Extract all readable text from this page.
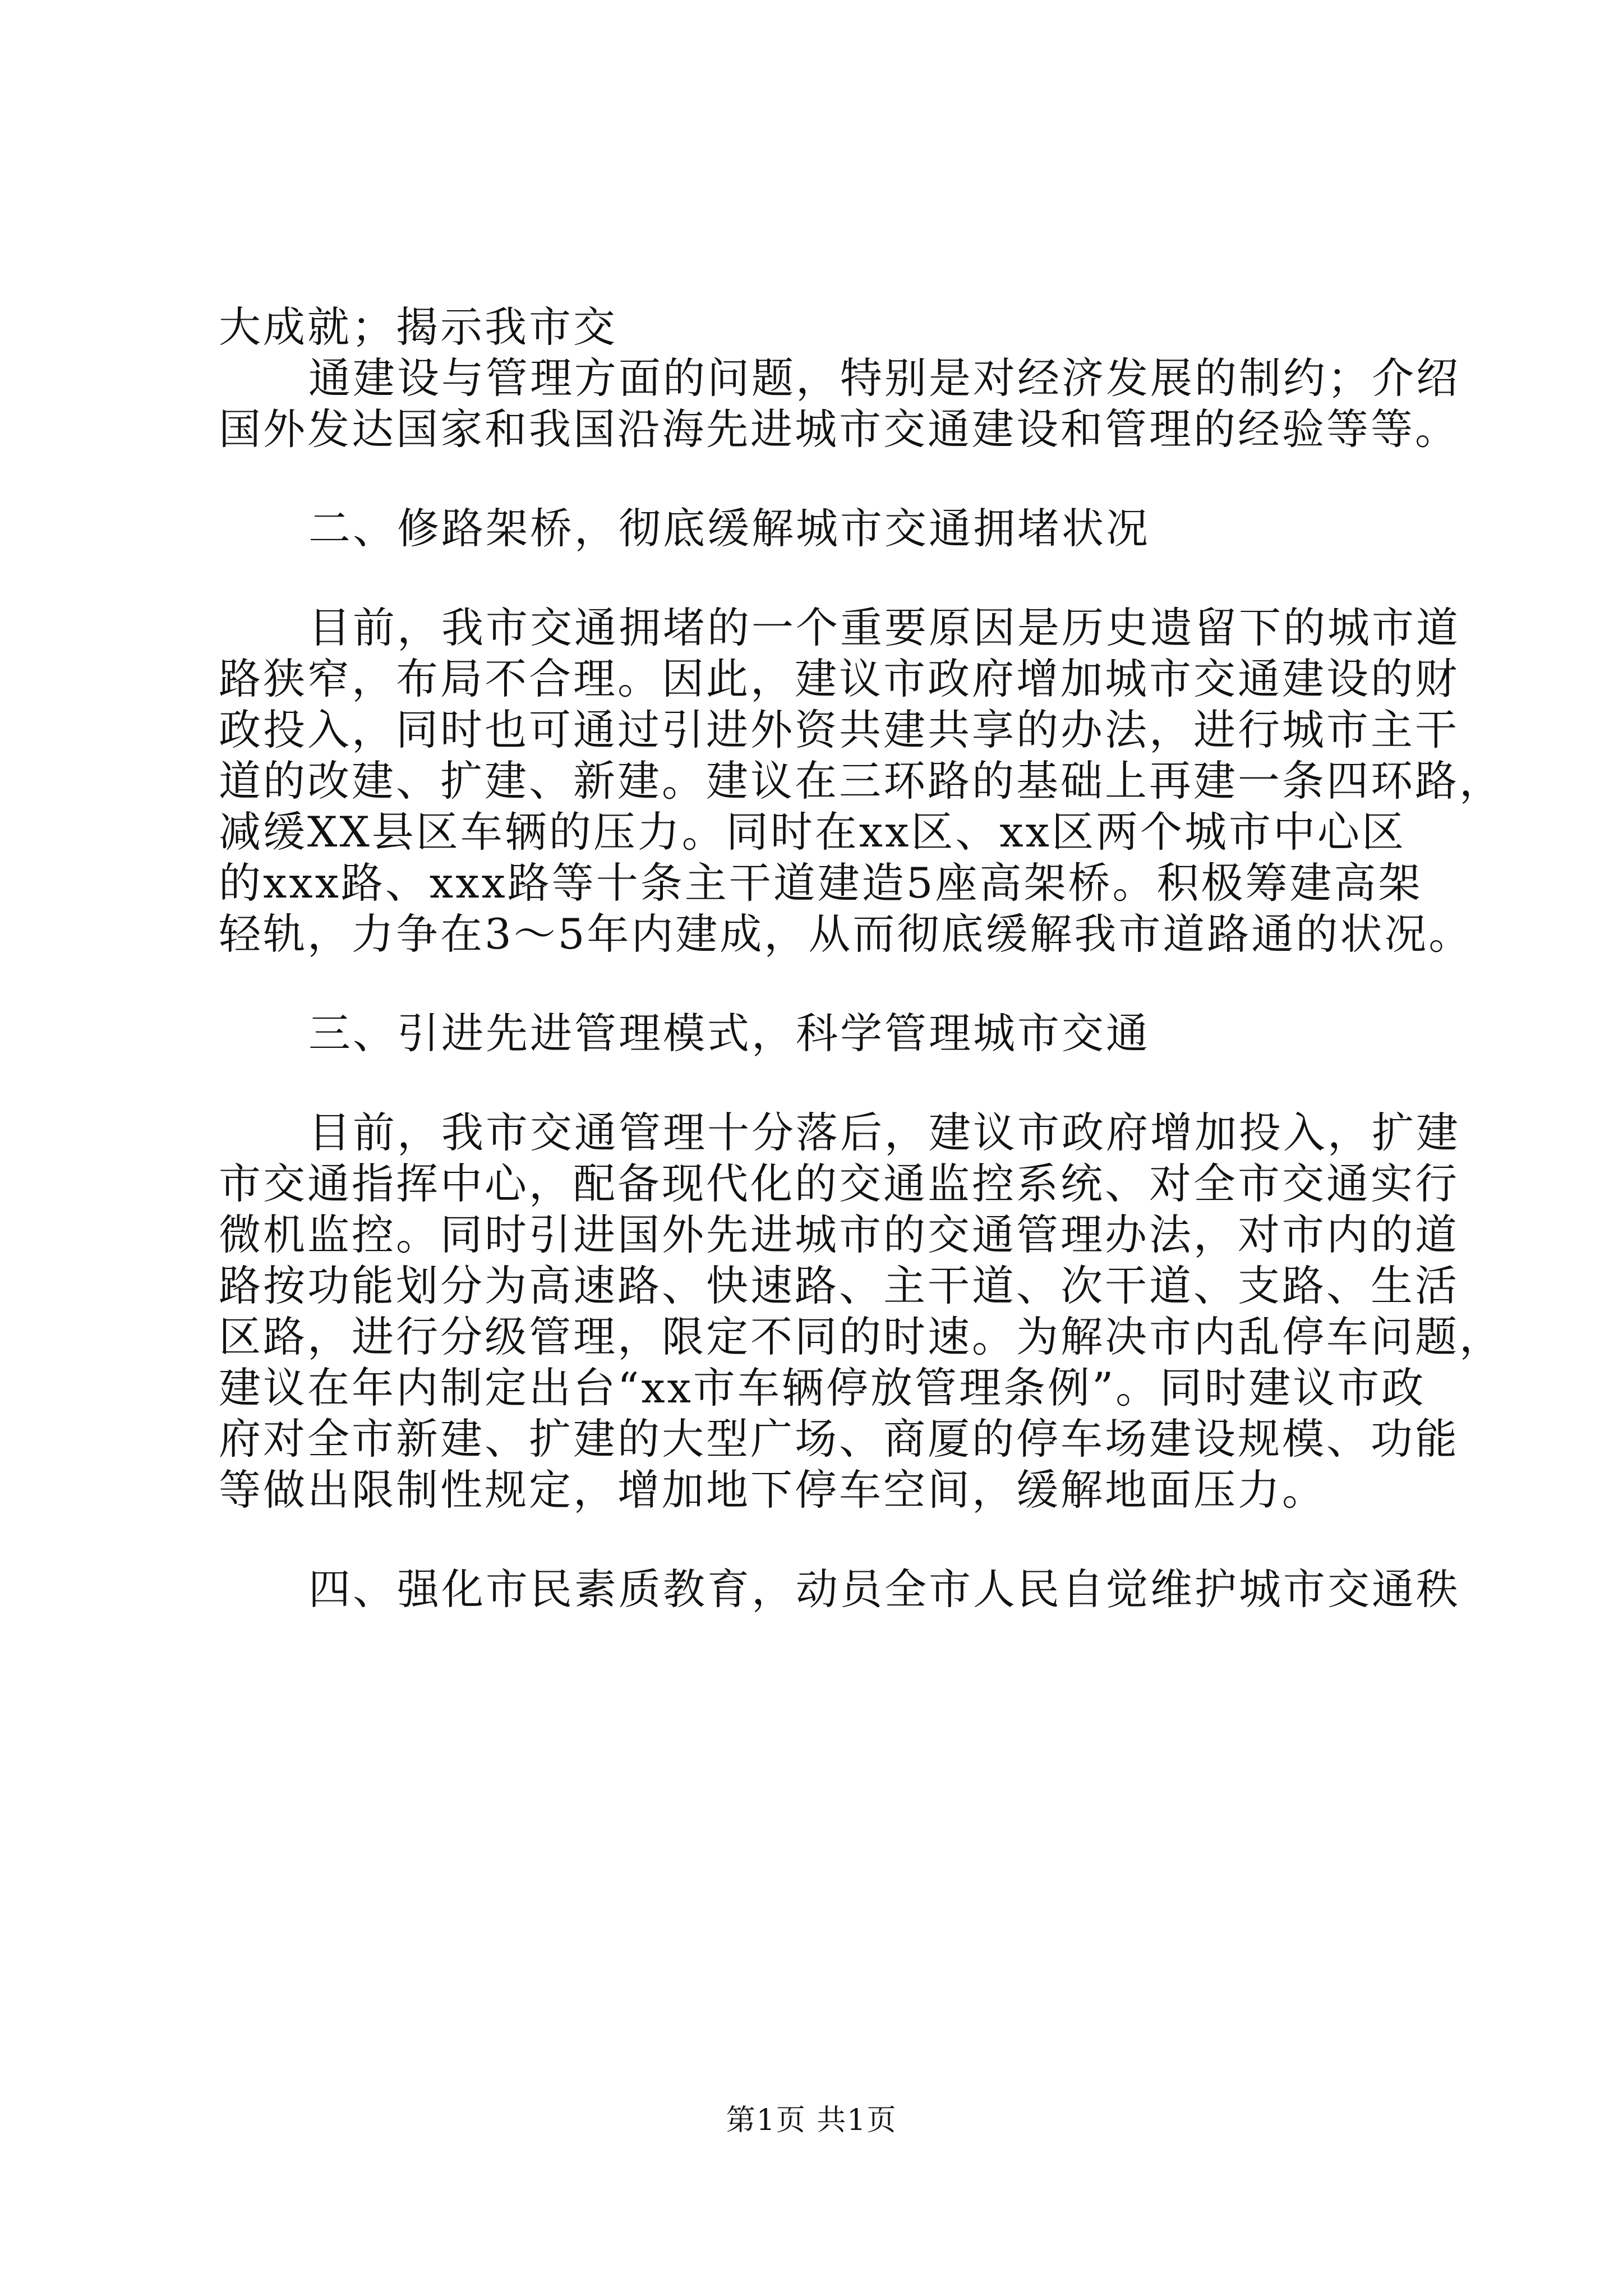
大成就；揭示我市交

通建设与管理方面的问题，特别是对经济发展的制约；介绍

国外发达国家和我国沿海先进城市交通建设和管理的经验等等。

二、修路架桥，彻底缓解城市交通拥堵状况

目前，我市交通拥堵的一个重要原因是历史遗留下的城市道

路狭窄，布局不合理。因此，建议市政府增加城市交通建设的财

政投入，同时也可通过引进外资共建共享的办法，进行城市主干

道的改建、扩建、新建。建议在三环路的基础上再建一条四环路，

减缓XX县区车辆的压力。同时在xx区、xx区两个城市中心区

的xxx路、xxx路等十条主干道建造5座高架桥。积极筹建高架

轻轨，力争在3～5年内建成，从而彻底缓解我市道路通的状况。

三、引进先进管理模式，科学管理城市交通

目前，我市交通管理十分落后，建议市政府增加投入，扩建

市交通指挥中心，配备现代化的交通监控系统、对全市交通实行

微机监控。同时引进国外先进城市的交通管理办法，对市内的道

路按功能划分为高速路、快速路、主干道、次干道、支路、生活

区路，进行分级管理，限定不同的时速。为解决市内乱停车问题，

建议在年内制定出台“xx市车辆停放管理条例”。同时建议市政

府对全市新建、扩建的大型广场、商厦的停车场建设规模、功能

等做出限制性规定，增加地下停车空间，缓解地面压力。

四、强化市民素质教育，动员全市人民自觉维护城市交通秩

第1页 共1页
